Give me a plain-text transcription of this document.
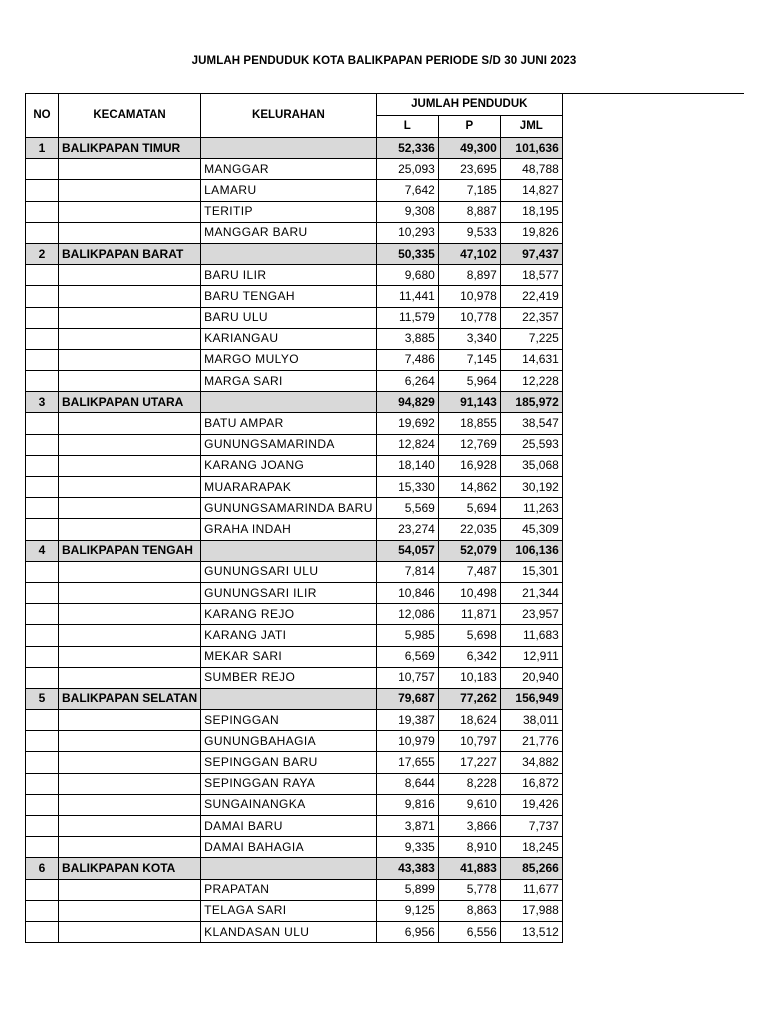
JUMLAH PENDUDUK KOTA BALIKPAPAN PERIODE S/D 30 JUNI 2023
NO	KECAMATAN	KELURAHAN	JUMLAH PENDUDUK		
			L	P	JML
1	BALIKPAPAN TIMUR		52,336	49,300	101,636
		MANGGAR	25,093	23,695	48,788
		LAMARU	7,642	7,185	14,827
		TERITIP	9,308	8,887	18,195
		MANGGAR BARU	10,293	9,533	19,826
2	BALIKPAPAN BARAT		50,335	47,102	97,437
		BARU ILIR	9,680	8,897	18,577
		BARU TENGAH	11,441	10,978	22,419
		BARU ULU	11,579	10,778	22,357
		KARIANGAU	3,885	3,340	7,225
		MARGO MULYO	7,486	7,145	14,631
		MARGA SARI	6,264	5,964	12,228
3	BALIKPAPAN UTARA		94,829	91,143	185,972
		BATU AMPAR	19,692	18,855	38,547
		GUNUNGSAMARINDA	12,824	12,769	25,593
		KARANG JOANG	18,140	16,928	35,068
		MUARARAPAK	15,330	14,862	30,192
		GUNUNGSAMARINDA BARU	5,569	5,694	11,263
		GRAHA INDAH	23,274	22,035	45,309
4	BALIKPAPAN TENGAH		54,057	52,079	106,136
		GUNUNGSARI ULU	7,814	7,487	15,301
		GUNUNGSARI ILIR	10,846	10,498	21,344
		KARANG REJO	12,086	11,871	23,957
		KARANG JATI	5,985	5,698	11,683
		MEKAR SARI	6,569	6,342	12,911
		SUMBER REJO	10,757	10,183	20,940
5	BALIKPAPAN SELATAN		79,687	77,262	156,949
		SEPINGGAN	19,387	18,624	38,011
		GUNUNGBAHAGIA	10,979	10,797	21,776
		SEPINGGAN BARU	17,655	17,227	34,882
		SEPINGGAN RAYA	8,644	8,228	16,872
		SUNGAINANGKA	9,816	9,610	19,426
		DAMAI BARU	3,871	3,866	7,737
		DAMAI BAHAGIA	9,335	8,910	18,245
6	BALIKPAPAN KOTA		43,383	41,883	85,266
		PRAPATAN	5,899	5,778	11,677
		TELAGA SARI	9,125	8,863	17,988
		KLANDASAN ULU	6,956	6,556	13,512
